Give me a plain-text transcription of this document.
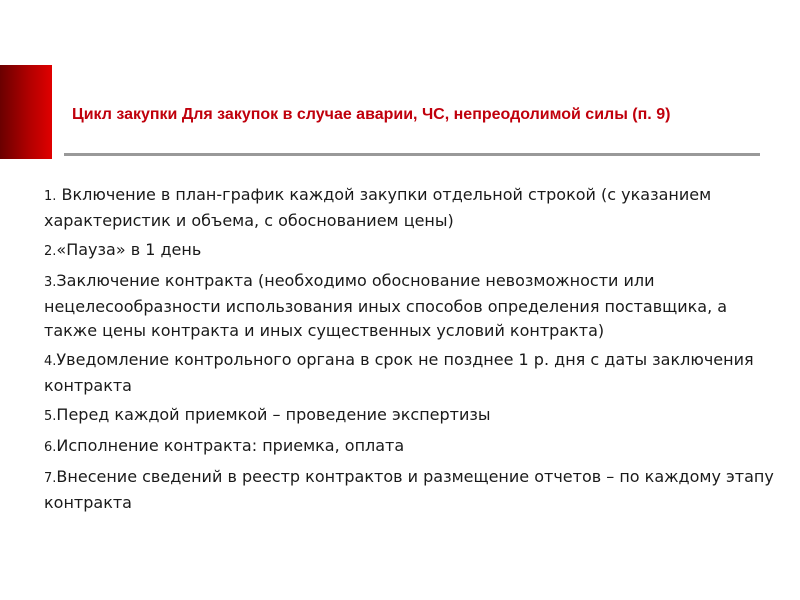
Цикл закупки Для закупок в случае аварии, ЧС, непреодолимой силы (п. 9)
1. Включение в план-график каждой закупки отдельной строкой (с указанием характеристик и объема, с обоснованием цены)
2.«Пауза» в 1 день
3.Заключение контракта (необходимо обоснование невозможности или нецелесообразности использования иных способов определения поставщика, а также цены контракта и иных существенных условий контракта)
4.Уведомление контрольного органа в срок не позднее 1 р. дня с даты заключения контракта
5.Перед каждой приемкой – проведение экспертизы
6.Исполнение контракта: приемка, оплата
7.Внесение сведений в реестр контрактов и размещение отчетов – по каждому этапу контракта
